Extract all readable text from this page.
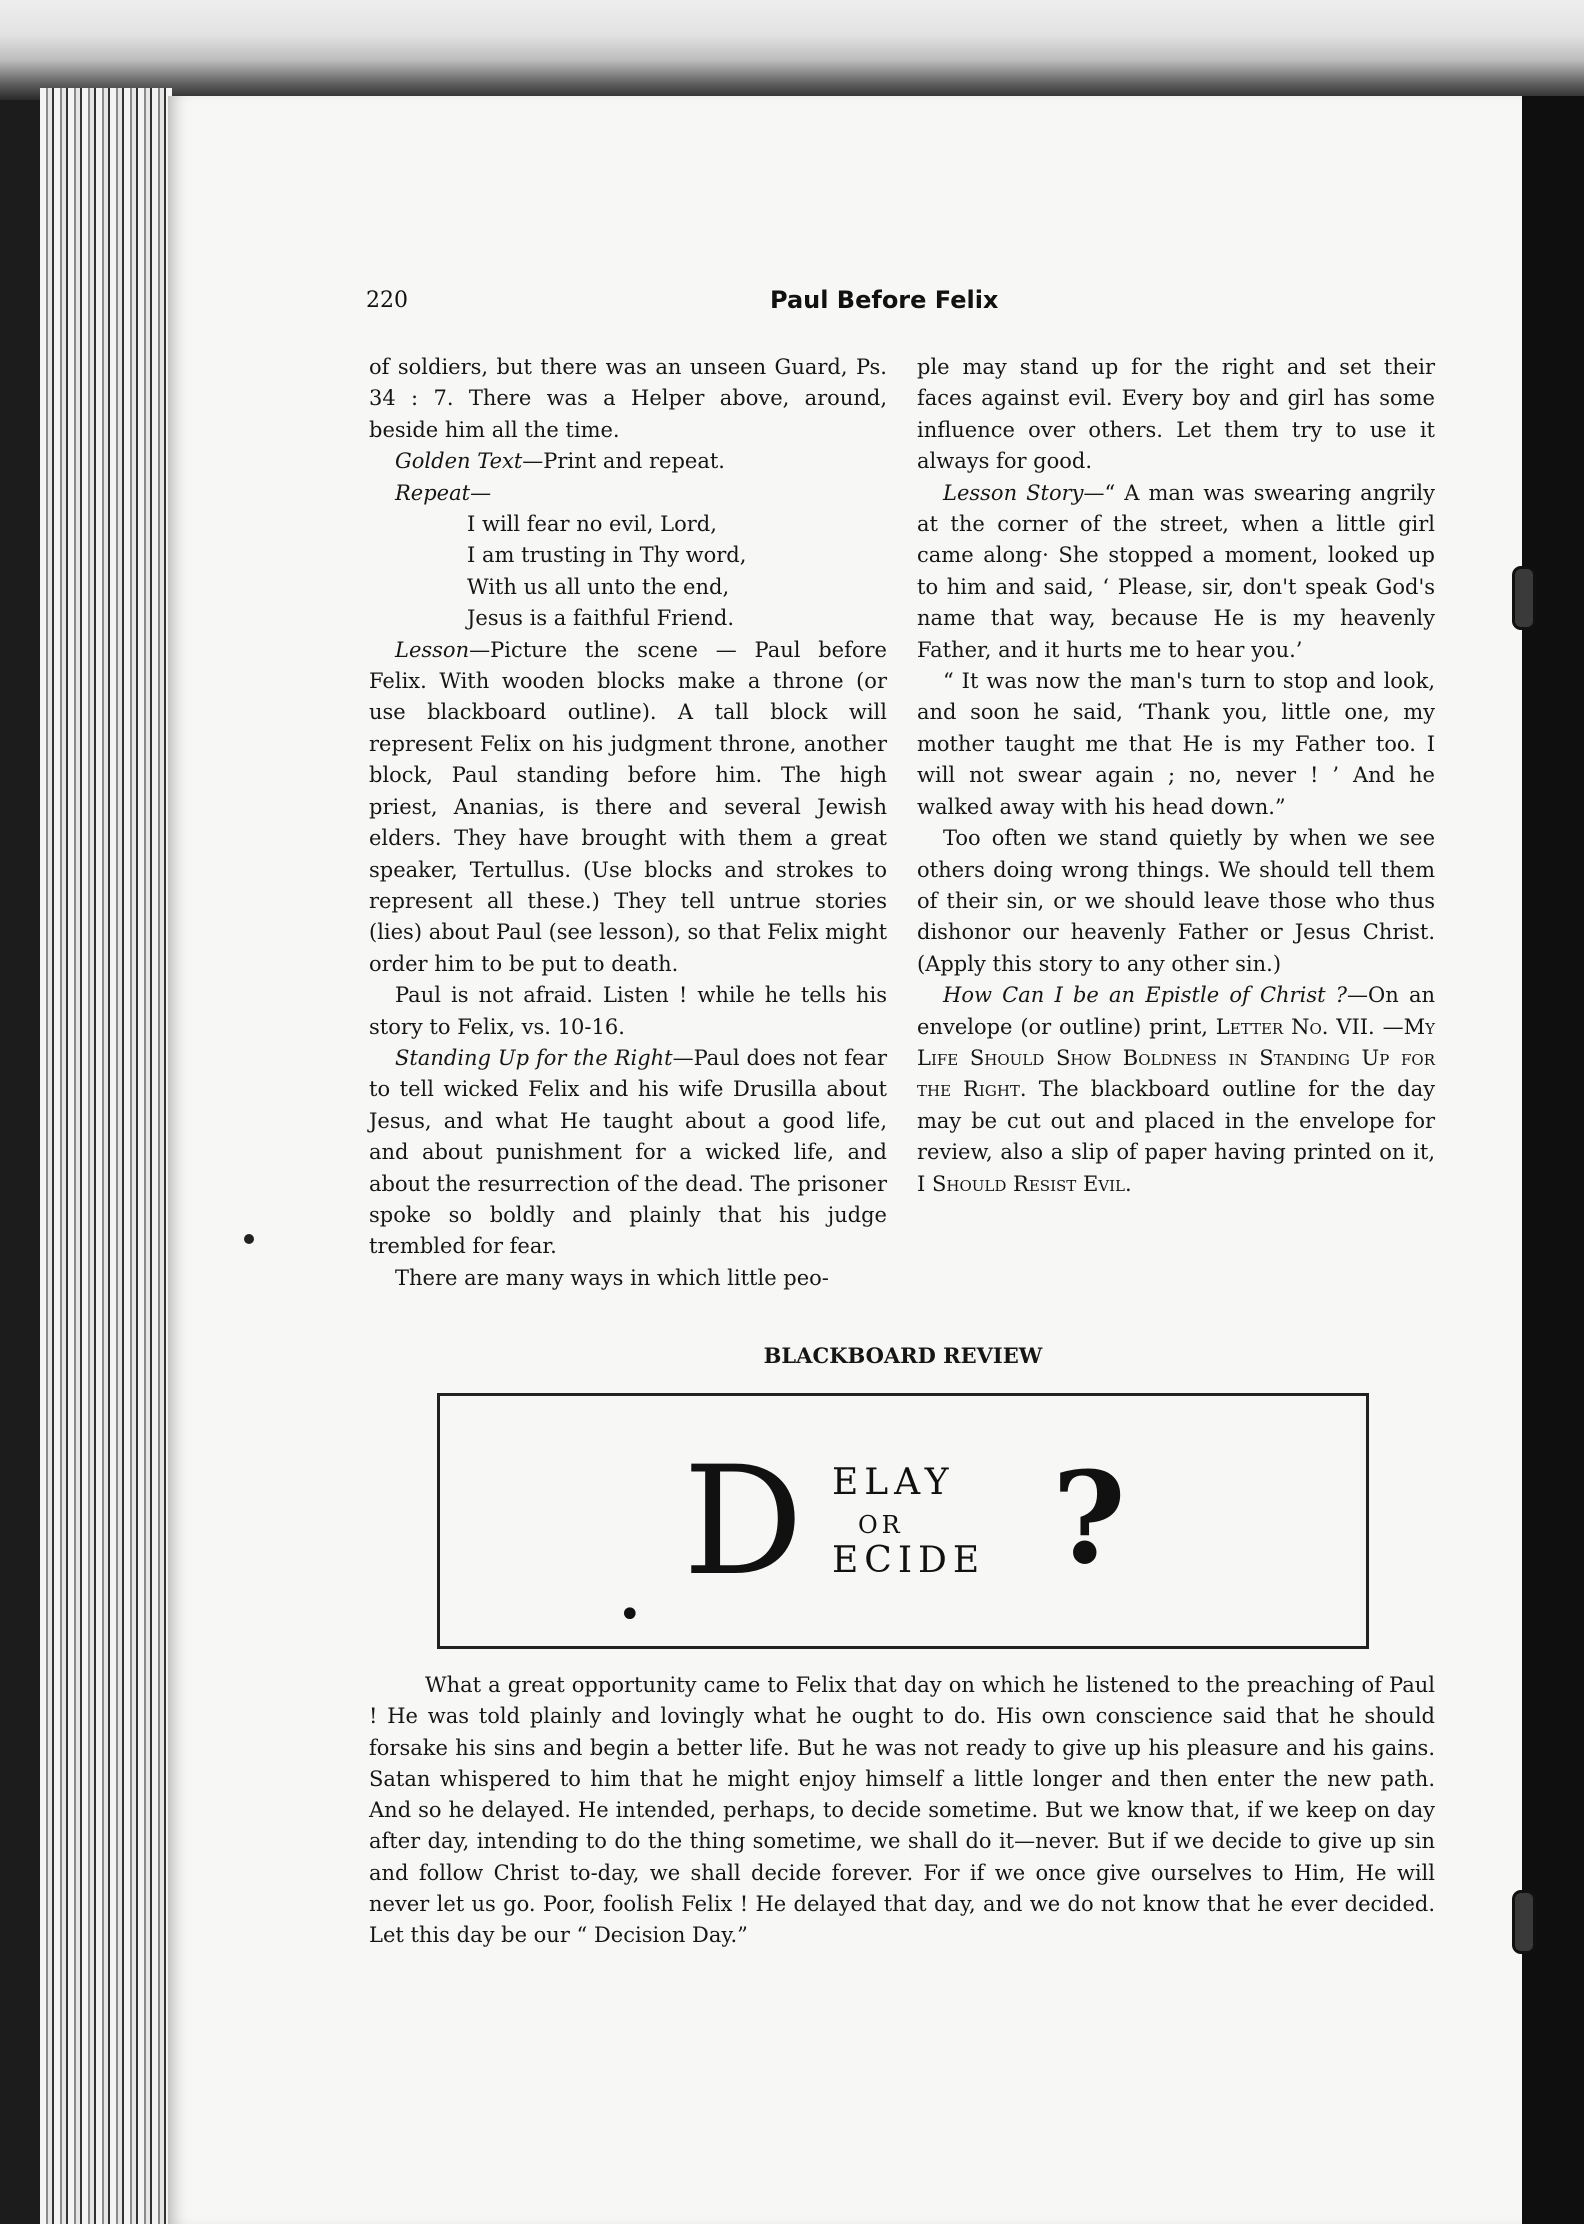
220	Paul Before Felix

of soldiers, but there was an unseen Guard, Ps. 34 : 7. There was a Helper above, around, beside him all the time.

Golden Text—Print and repeat.

Repeat—

I will fear no evil, Lord,

I am trusting in Thy word,

With us all unto the end,

Jesus is a faithful Friend.

Lesson—Picture the scene — Paul before Felix. With wooden blocks make a throne (or use blackboard outline). A tall block will represent Felix on his judgment throne, another block, Paul standing before him. The high priest, Ananias, is there and several Jewish elders. They have brought with them a great speaker, Tertullus. (Use blocks and strokes to represent all these.) They tell untrue stories (lies) about Paul (see lesson), so that Felix might order him to be put to death.

Paul is not afraid. Listen ! while he tells his story to Felix, vs. 10-16.

Standing Up for the Right—Paul does not fear to tell wicked Felix and his wife Drusilla about Jesus, and what He taught about a good life, and about punishment for a wicked life, and about the resurrection of the dead. The prisoner spoke so boldly and plainly that his judge trembled for fear.

There are many ways in which little peo-

ple may stand up for the right and set their faces against evil. Every boy and girl has some influence over others. Let them try to use it always for good.

Lesson Story—“ A man was swearing angrily at the corner of the street, when a little girl came along· She stopped a moment, looked up to him and said, ‘ Please, sir, don't speak God's name that way, because He is my heavenly Father, and it hurts me to hear you.’

“ It was now the man's turn to stop and look, and soon he said, ‘Thank you, little one, my mother taught me that He is my Father too. I will not swear again ; no, never ! ’ And he walked away with his head down.”

Too often we stand quietly by when we see others doing wrong things. We should tell them of their sin, or we should leave those who thus dishonor our heavenly Father or Jesus Christ. (Apply this story to any other sin.)

How Can I be an Epistle of Christ ?—On an envelope (or outline) print, Letter No. VII. —My Life Should Show Boldness in Standing Up for the Right. The blackboard outline for the day may be cut out and placed in the envelope for review, also a slip of paper having printed on it, I Should Resist Evil.

BLACKBOARD REVIEW
D ELAY
OR
ECIDE ?
•

What a great opportunity came to Felix that day on which he listened to the preaching of Paul ! He was told plainly and lovingly what he ought to do. His own conscience said that he should forsake his sins and begin a better life. But he was not ready to give up his pleasure and his gains. Satan whispered to him that he might enjoy himself a little longer and then enter the new path. And so he delayed. He intended, perhaps, to decide sometime. But we know that, if we keep on day after day, intending to do the thing sometime, we shall do it—never. But if we decide to give up sin and follow Christ to-day, we shall decide forever. For if we once give ourselves to Him, He will never let us go. Poor, foolish Felix ! He delayed that day, and we do not know that he ever decided. Let this day be our “ Decision Day.”
